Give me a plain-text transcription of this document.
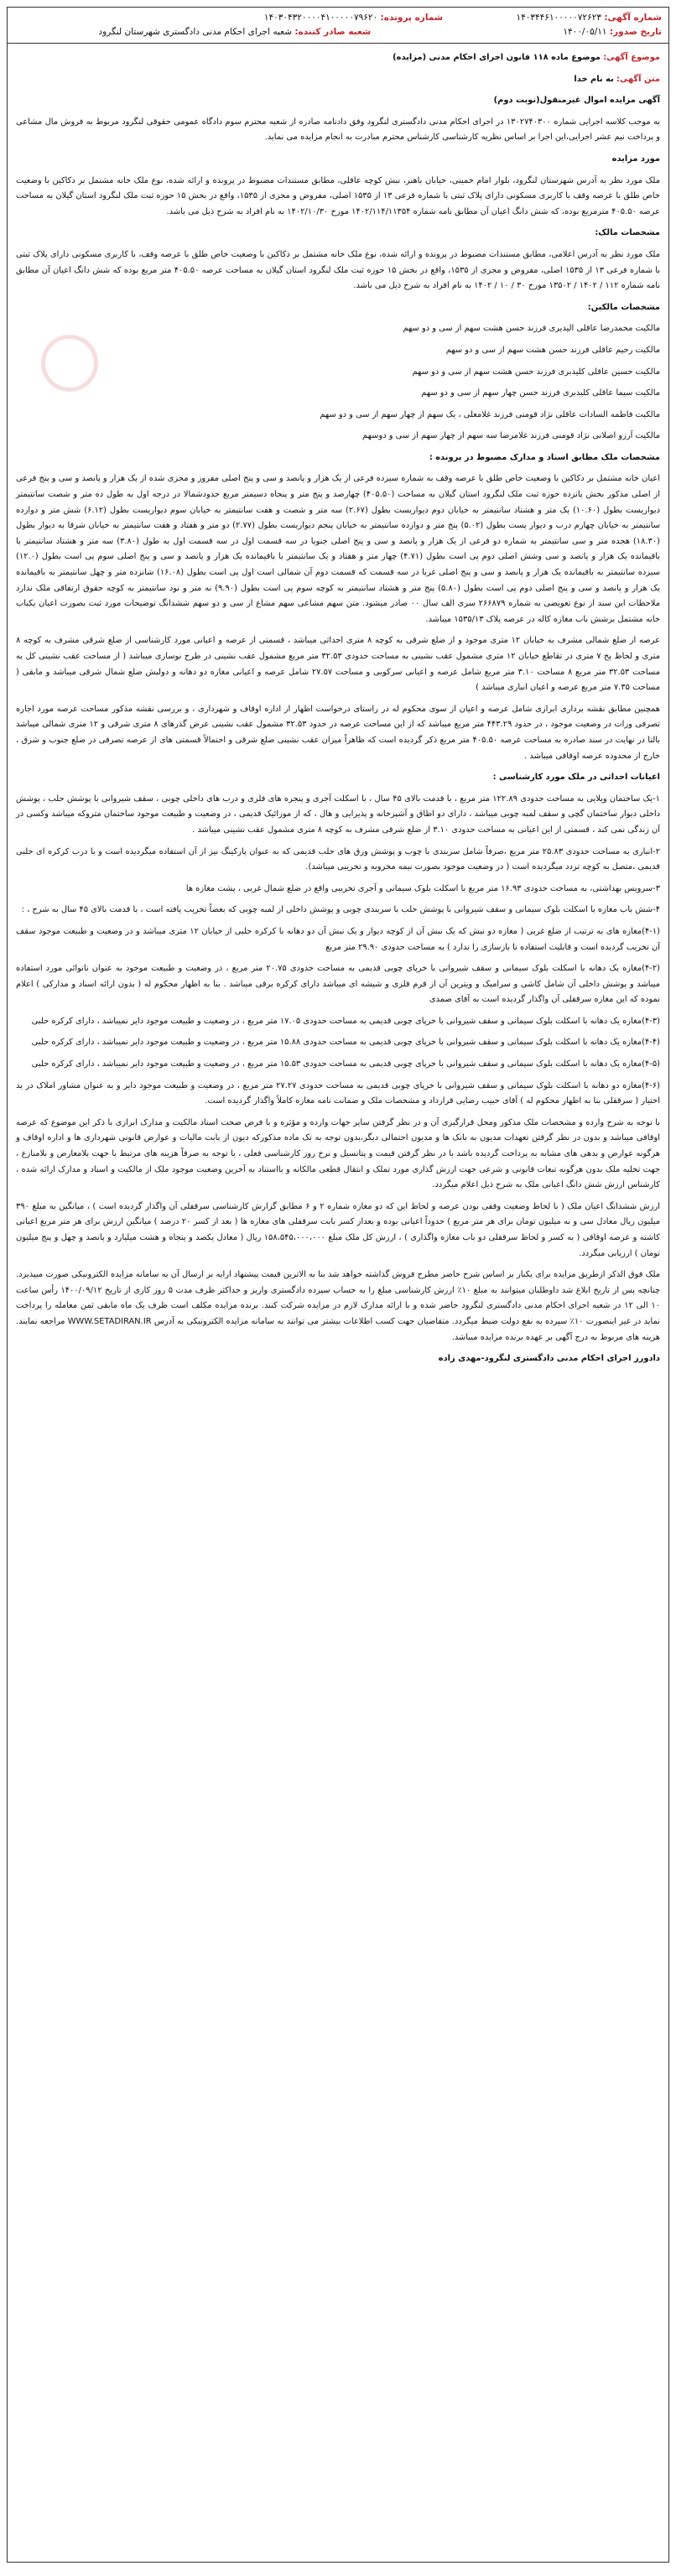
شماره آگهی: ۱۴۰۳۴۴۶۱۰۰۰۰۰۷۲۶۲۳
شماره پرونده: ۱۴۰۳۰۴۳۲۰۰۰۰۴۱۰۰۰۰۰۷۹۶۲۰
تاریخ صدور: ۱۴۰۰/۰۵/۱۱
شعبه صادر کننده: شعبه اجرای احکام مدنی دادگستری شهرستان لنگرود

موضوع آگهی: موضوع ماده ۱۱۸ قانون اجرای احکام مدنی (مزایده)

متن آگهی: به نام خدا

آگهی مزایده اموال غیرمنقول(نوبت دوم)

به موجب کلاسه اجرایی شماره ۱۳۰۲۷۴۰۳۰۰ در اجرای احکام مدنی دادگستری لنگرود وفق دادنامه صادره از شعبه محترم سوم دادگاه عمومی حقوقی لنگرود مربوط به فروش مال مشاعی و پرداخت نیم عشر اجرایی،این اجرا بر اساس نظریه کارشناسی کارشناس محترم مبادرت به انجام مزایده می نماید.

مورد مزایده

ملک مورد نظر به آدرس شهرستان لنگرود، بلوار امام خمینی، خیابان باهنر، نبش کوچه عاقلی، مطابق مستندات مضبوط در پرونده و ارائه شده، نوع ملک خانه مشتمل بر دکاکین با وضعیت خاص طلق با عرصه وقف با کاربری مسکونی دارای پلاک ثبتی با شماره فرعی ۱۳ از ۱۵۳۵ اصلی، مفروض و مجزی از ۱۵۳۵، واقع در بخش ۱۵ حوزه ثبت ملک لنگرود استان گیلان به مساحت عرصه ۴۰۵.۵۰ مترمربع بوده، که شش دانگ اعیان آن مطابق نامه شماره ۱۴۰۲/۱۱۴/۱۱۳۵۴ مورخ ۱۴۰۲/۱۰/۳۰ به نام افراد به شرح ذیل می باشد.

مشخصات مالک:

ملک مورد نظر به آدرس اعلامی، مطابق مستندات مضبوط در پرونده و ارائه شده، نوع ملک خانه مشتمل بر دکاکین با وضعیت خاص طلق با عرصه وقف، با کاربری مسکونی دارای پلاک ثبتی با شماره فرعی ۱۳ از ۱۵۳۵ اصلی، مفروض و مجزی از ۱۵۳۵، واقع در بخش ۱۵ حوزه ثبت ملک لنگرود استان گیلان به مساحت عرصه ۴۰۵.۵۰ متر مربع بوده که شش دانگ اعیان آن مطابق نامه شماره ۱۱۲ / ۱۴۰۲ / ۱۳۵۰۲ مورخ ۳۰ / ۱۰ / ۱۴۰۲ به نام افراد به شرح ذیل می باشد.

مشخصات مالکین:

مالکیت محمدرضا عاقلی الیدیری فرزند حسن هشت سهم از سی و دو سهم

مالکیت رحیم عاقلی فرزند حسن هشت سهم از سی و دو سهم

مالکیت حسین عاقلی کلیدبری فرزند حسن هشت سهم از سی و دو سهم

مالکیت سیما عاقلی کلیدبری فرزند حسن چهار سهم از سی و دو سهم

مالکیت فاطمه السادات عاقلی نژاد قومنی فرزند غلامعلی ، یک سهم از چهار سهم از سی و دو سهم

مالکیت آرزو اصلانی نژاد قومنی فرزند غلامرضا سه سهم از چهار سهم از سی و دوسهم

مشخصات ملک مطابق اسناد و مدارک مضبوط در پرونده :

اعیان خانه مشتمل بر دکاکین با وضعیت خاص طلق با عرصه وقف به شماره سیزده فرعی از یک هزار و پانصد و سی و پنج اصلی مفروز و مجزی شده از یک هزار و پانصد و سی و پنج فرعی از اصلی مذکور بخش پانزده حوزه ثبت ملک لنگرود استان گیلان به مساحت (۴۰۵.۵۰) چهارصد و پنج متر و پنجاه دسیمتر مربع حدودشمالا در درجه اول به طول ده متر و شصت سانتیمتر دیواریست بطول (۱۰.۶۰) یک متر و هشتاد سانتیمتر به خیابان دوم دیواریست بطول (۲.۶۷) سه متر و شصت و هفت سانتیمتر به خیابان سوم دیواریست بطول (۶.۱۲) شش متر و دوازده سانتیمتر به خیابان چهارم درب و دیوار پست بطول (۵.۰۲) پنج متر و دوازده سانتیمتر به خیابان پنجم دیواریست بطول (۲.۷۷) دو متر و هفتاد و هفت سانتیمتر به خیابان شرقا به دیوار بطول (۱۸.۳۰) هجده متر و سی سانتیمتر به شماره دو فرعی از یک هزار و پانصد و سی و پنج اصلی جنوبا در سه قسمت اول در سه قسمت اول به طول (۳.۸۰) سه متر و هشتاد سانتیمتر با باقیمانده یک هزار و پانصد و سی وشش اصلی دوم پی است بطول (۴.۷۱) چهار متر و هفتاد و یک سانتیمتر با باقیمانده یک هزار و پانصد و سی و پنج اصلی سوم پی است بطول (۱۲.۰) سیزده سانتیمتر به باقیمانده یک هزار و پانصد و سی و پنج اصلی غربا در سه قسمت که قسمت دوم آن شمالی است اول پی است بطول (۱۶.۰۸) شانزده متر و چهل سانتیمتر به باقیمانده یک هزار و پانصد و سی و پنج اصلی دوم پی است بطول (۵.۸۰) پنج متر و هشتاد سانتیمتر به کوچه سوم پی است بطول (۹.۹۰) نه متر و نود سانتیمتر به کوچه حقوق ارتفاقی ملک ندارد ملاحظات این سند از نوع تعویضی به شماره ۲۶۶۸۷۹ سری الف سال ۰۰ صادر میشود. متن سهم مشاعی سهم مشاع از سی و دو سهم ششدانگ توضیحات مورد ثبت بصورت اعیان یکباب خانه مشتمل برشش باب مغازه کاله در عرصه پلاک ۱۵۳۵/۱۳ میباشد.

عرصه از ضلع شمالی مشرف به خیابان ۱۲ متری موجود و از ضلع شرقی به کوچه ۸ متری احداثی میباشد ، قسمتی از عرصه و اعیانی مورد کارشناسی از ضلع شرقی مشرف به کوچه ۸ متری و لحاظ پخ ۷ متری در تقاطع خیابان ۱۲ متری مشمول عقب نشینی به مساحت حدودی ۳۲.۵۳ متر مربع مشمول عقب نشینی در طرح نوسازی میباشد ( از مساحت عقب نشینی کل به مساحت ۳۲.۵۳ متر مربع ۸ مساحت ۳.۱۰ متر مربع شامل عرصه و اعیانی سرکوبی و مساحت ۲۷.۵۷ شامل عرصه و اعیانی مغازه دو دهانه و دولبش ضلع شمال شرقی میباشد و مابقی ( مساحت ۷.۳۵ متر مربع عرصه و اعیان انباری میباشد )

همچنین مطابق نقشه برداری ابرازی شامل عرصه و اعیان از سوی محکوم له در راستای درخواست اظهار از اداره اوقاف و شهرداری ، و بررسی نقشه مذکور مساحت عرصه مورد اجاره تصرفی ورات در وضعیت موجود ، در حدود ۴۴۳.۲۹ متر مربع میباشد که از این مساحت عرصه در حدود ۳۲.۵۳ مشمول عقب نشینی عرض گذرهای ۸ متری شرقی و ۱۲ متری شمالی میباشد بالتا در نهایت در سند صادره به مساحت عرصه ۴۰۵.۵۰ متر مربع ذکر گردیده است که ظاهراً میزان عقب نشینی ضلع شرقی و احتمالاً قسمتی های از عرصه تصرفی در ضلع جنوب و شرق ، خارج از محدوده عرصه اوقافی میباشد .

اعیانات احداثی در ملک مورد کارشناسی :

۱-یک ساختمان ویلایی به مساحت حدودی ۱۲۲.۸۹ متر مربع ، با قدمت بالای ۴۵ سال ، با اسکلت آجری و پنجره های فلزی و درب های داخلی چوبی ، سقف شیروانی با پوشش حلب ، پوشش داخلی دیوار ساختمان گچی و سقف لمبه چوبی میباشد ، دارای دو اطاق و آشپزخانه و پذیرایی و هال ، که از موزائیک قدیمی ، در وضعیت و طبیعت موجود ساختمان متروکه میباشد وکسی در آن زندگی نمی کند ، قسمتی از این اعیانی به مساحت حدودی ۳.۱۰ از ضلع شرقی مشرف به کوچه ۸ متری مشمول عقب نشینی میباشد .

۲-انباری به مساحت حدودی ۲۵.۸۳ متر مربع ،صرفاً شامل سربندی با چوب و پوشش ورق های حلب قدیمی که به عنوان پارکینگ نیز از آن استفاده میگردیده است و با درب کرکره ای حلبی قدیمی ،متصل به کوچه تردد میگردیده است ( در وضعیت موجود بصورت نیمه مخروبه و تخریبی میباشد).

۳-سرویس بهداشتی، به مساحت حدودی ۱۶.۹۳ متر مربع با اسکلت بلوک سیمانی و آجری تخریبی واقع در ضلع شمال غربی ، پشت مغازه ها

۴-شش باب مغازه با اسکلت بلوک سیمانی و سقف شیروانی با پوشش حلب با سربندی چوبی و پوشش داخلی از لمبه چوبی که بعضاً تخریب یافته است ، با قدمت بالای ۴۵ سال به شرح ، :

(۴-۱)مغازه های به ترتیب از ضلع غربی ( مغازه دو نبش که یک نبش آن از کوچه دیوار و یک نبش آن دو دهانه با کرکره حلبی از خیابان ۱۲ متری میباشد و در وضعیت و طبیعت موجود سقف آن تخریب گردیده است و قابلیت استفاده تا بازسازی را ندارد ) به مساحت حدودی ۲۹.۹۰ متر مربع

(۴-۲)مغازه یک دهانه با اسکلت بلوک سیمانی و سقف شیروانی با خرپای چوبی قدیمی به مساحت حدودی ۲۰.۷۵ متر مربع ، در وضعیت و طبیعت موجود به عنوان نانوائی مورد استفاده میباشد و پوشش داخلی آن شامل کاشی و سرامیک و ویترین آن از قرم فلزی و شیشه ای میباشد دارای کرکره برقی میباشد . بنا به اظهار محکوم له ( بدون ارائه اسناد و مدارکی ) اعلام نموده که این مغازه سرقفلی آن واگذار گردیده است به آقای صمدی

(۴-۳)مغازه یک دهانه با اسکلت بلوک سیمانی و سقف شیروانی با خرپای چوبی قدیمی به مساحت حدودی ۱۷.۰۵ متر مربع ، در وضعیت و طبیعت موجود دایر نمیباشد ، دارای کرکره حلبی

(۴-۴)مغازه یک دهانه با اسکلت بلوک سیمانی و سقف شیروانی با خرپای چوبی قدیمی به مساحت حدودی ۱۵.۸۸ متر مربع ، در وضعیت و طبیعت موجود دایر نمیباشد ، دارای کرکره حلبی

(۴-۵)مغازه یک دهانه با اسکلت بلوک سیمانی و سقف شیروانی با خرپای چوبی قدیمی به مساحت حدودی ۱۵.۵۳ متر مربع ، در وضعیت و طبیعت موجود دایر نمیباشد ، دارای کرکره حلبی

(۴-۶)مغازه دو دهانه با اسکلت بلوک سیمانی و سقف شیروانی با خرپای چوبی قدیمی به مساحت حدودی ۲۷.۲۷ متر مربع ، در وضعیت و طبیعت موجود دایر و به عنوان مشاور املاک در ید اختیار ( سرقفلی بنا به اظهار محکوم له ) آقای حبیب رضایی قرارداد و مشخصات ملک و ضمانت نامه مغازه کاملاً واگذار گردیده است.

با توجه به شرح وارده و مشخصات ملک مذکور ومحل قرارگیری آن و در نظر گرفتن سایر جهات وارده و مؤثره و با فرض صحت اسناد مالکیت و مدارک ابرازی با ذکر این موضوع که عرصه اوقافی میباشد و بدون در نظر گرفتن تعهدات مدیون به بانک ها و مدیون احتمالی دیگر،بدون توجه به تک ماده مذکورکه دیون از بابت مالیات و عوارض قانونی شهرداری ها و اداره اوقاف و هرگونه عوارض و بدهی های مشابه به پرداخت گردیده باشد با در نظر گرفتن قیمت و پتانسیل و نرخ روز کارشناسی فعلی ، با توجه به صرفاً هزینه های مرتبط با جهت بلامعارض و بلامنازع ، جهت تخلیه ملک بدون هرگونه تبعات قانونی و شرعی جهت ارزش گذاری مورد تملک و انتقال قطعی مالکانه و بااستناد به آخرین وضعیت موجود ملک از مالکیت و اسناد و مدارک ارائه شده ، کارشناس ارزش شش دانگ اعیانی ملک به شرح ذیل اعلام میگردد.

ارزش ششدانگ اعیان ملک ( با لحاظ وضعیت وقفی بودن عرصه و لحاظ این که دو مغازه شماره ۲ و ۶ مطابق گزارش کارشناسی سرقفلی آن واگذار گردیده است ) ، میانگین به مبلغ ۳۹۰ میلیون ریال معادل سی و نه میلیون تومان برای هر متر مربع ) حدوداً اعیانی بوده و بعداز کسر بابت سرقفلی های مغازه ها ( بعد از کسر ۲۰ درصد ) میانگین ارزش برای هر متر مربع اعیانی کاشته و عرصه اوقافی ( به کسر و لحاظ سرقفلی دو باب مغازه واگذاری ) ، ارزش کل ملک مبلغ ۱۵۸،۵۴۵،۰۰۰،۰۰۰ ریال ( معادل یکصد و پنجاه و هشت میلیارد و پانصد و چهل و پنج میلیون تومان ) ارزیابی میگردد.

ملک فوق الذکر ازطریق مزایده برای یکبار بر اساس شرح حاضر مطرح فروش گذاشته خواهد شد بنا به الاترین قیمت پیشنهاد ارایه بر ارسال آن به سامانه مزایده الکترونیکی صورت میپذیرد. چنانچه پس از تاریخ ابلاغ شد داوطلبان میتوانند به مبلغ ۱۰٪ ارزش کارشناسی مبلغ را به حساب سپرده دادگستری واریز و حداکثر ظرف مدت ۵ روز کاری از تاریخ ۱۴۰۰/۰۹/۱۲ رأس ساعت ۱۰ الی ۱۲ در شعبه اجرای احکام مدنی دادگستری لنگرود حاضر شده و با ارائه مدارک لازم در مزایده شرکت کنند. برنده مزایده مکلف است ظرف یک ماه مابقی ثمن معامله را پرداخت نماید در غیر اینصورت ۱۰٪ سپرده به نفع دولت ضبط میگردد. متقاضیان جهت کسب اطلاعات بیشتر می توانند به سامانه مزایده الکترونیکی به آدرس WWW.SETADIRAN.IR مراجعه نمایند. هزینه های مربوط به درج آگهی بر عهده برنده مزایده میباشد.

دادورز اجرای احکام مدنی دادگستری لنگرود-مهدی زاده
